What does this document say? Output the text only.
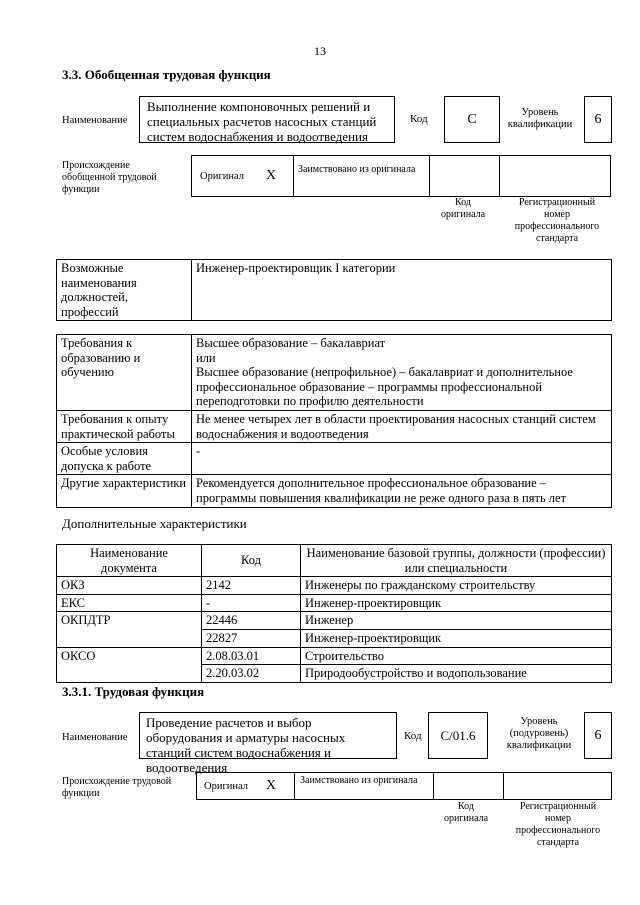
13
3.3. Обобщенная трудовая функция
Наименование
Выполнение компоновочных решений и специальных расчетов насосных станций систем водоснабжения и водоотведения
Код	C	Уровень квалификации	6
Происхождение обобщенной трудовой функции
Оригинал X Заимствовано из оригинала
Код оригинала
Регистрационный номер профессионального стандарта
Возможные наименования должностей, профессий	Инженер-проектировщик I категории
Требования к образованию и обучению	Высшее образование – бакалавриат
или
Высшее образование (непрофильное) – бакалавриат и дополнительное профессиональное образование – программы профессиональной переподготовки по профилю деятельности

Требования к опыту практической работы	Не менее четырех лет в области проектирования насосных станций систем водоснабжения и водоотведения
Особые условия допуска к работе	-
Другие характеристики	Рекомендуется дополнительное профессиональное образование – программы повышения квалификации не реже одного раза в пять лет
Дополнительные характеристики
Наименование документа	Код	Наименование базовой группы, должности (профессии) или специальности
ОКЗ	2142	Инженеры по гражданскому строительству
ЕКС	-	Инженер-проектировщик
ОКПДТР	22446	Инженер
	22827	Инженер-проектировщик
ОКСО	2.08.03.01	Строительство
	2.20.03.02	Природообустройство и водопользование
3.3.1. Трудовая функция
Наименование
Проведение расчетов и выбор оборудования и арматуры насосных станций систем водоснабжения и водоотведения
Код	C/01.6
Уровень (подуровень) квалификации
6
Происхождение трудовой функции
Оригинал X Заимствовано из оригинала
Код оригинала
Регистрационный номер профессионального стандарта
